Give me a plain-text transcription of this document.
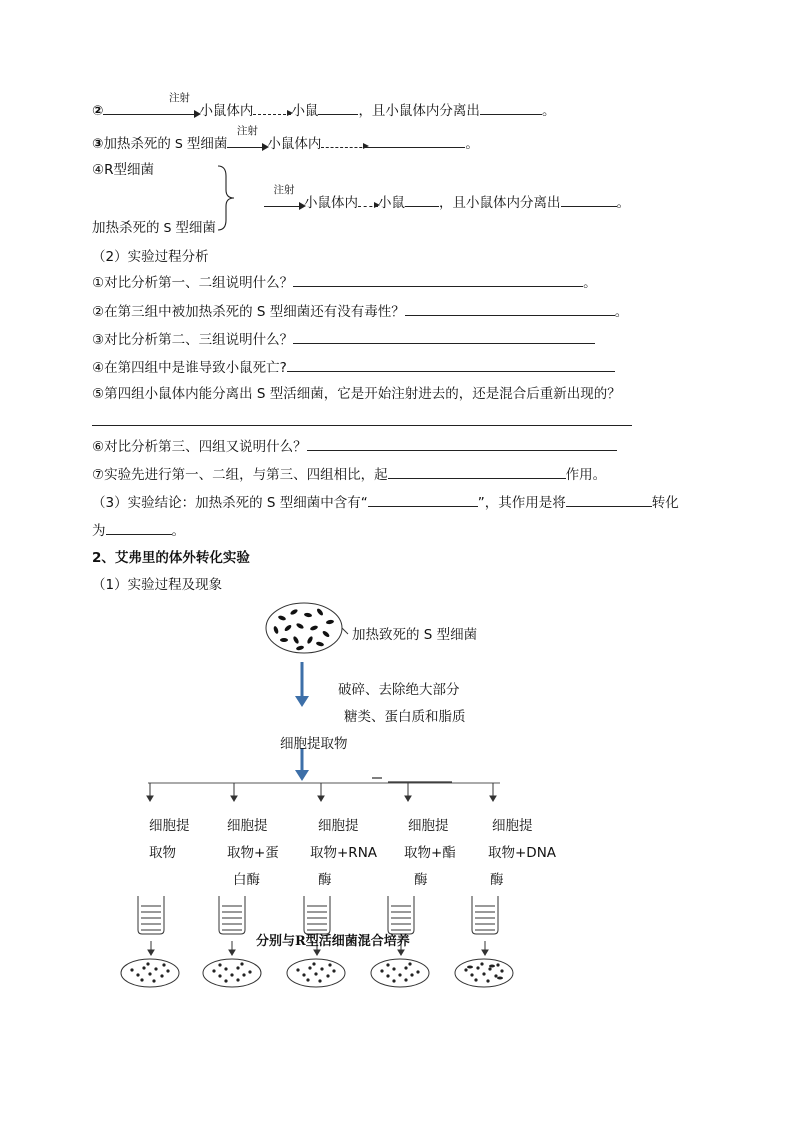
②
注射
小鼠体内	小鼠	，且小鼠体内分离出	。
③加热杀死的 S 型细菌
注射
小鼠体内	。
④R型细菌
加热杀死的 S 型细菌
注射
小鼠体内 小鼠	，且小鼠体内分离出	。
（2）实验过程分析
①对比分析第一、二组说明什么？	。
②在第三组中被加热杀死的 S 型细菌还有没有毒性？	。
③对比分析第二、三组说明什么？
④在第四组中是谁导致小鼠死亡?
⑤第四组小鼠体内能分离出 S 型活细菌，它是开始注射进去的，还是混合后重新出现的？
⑥对比分析第三、四组又说明什么？
⑦实验先进行第一、二组，与第三、四组相比，起	作用。
（3）实验结论：加热杀死的 S 型细菌中含有“	”，其作用是将	转化
为	。
2、艾弗里的体外转化实验
（1）实验过程及现象
加热致死的 S 型细菌
破碎、去除绝大部分
糖类、蛋白质和脂质
细胞提取物
细胞提
取物
细胞提
取物+蛋
白酶
细胞提
取物+RNA
酶
细胞提
取物+酯
酶
细胞提
取物+DNA
酶
分别与R型活细菌混合培养
